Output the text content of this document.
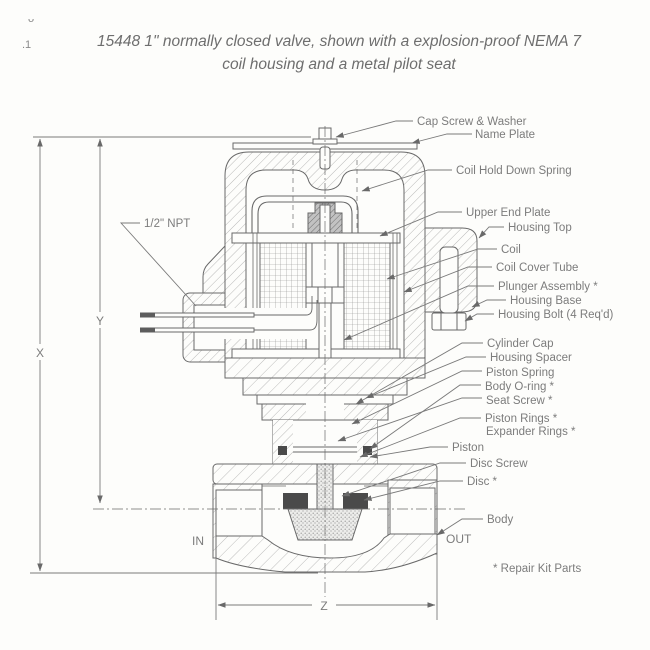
15448 1" normally closed valve, shown with a explosion-proof NEMA 7
coil housing and a metal pilot seat
ᴗ
.1
X
Y
Z
IN	OUT
Cap Screw & Washer
Name Plate
Coil Hold Down Spring
Upper End Plate
Housing Top
Coil
Coil Cover Tube
Plunger Assembly *
Housing Base
Housing Bolt (4 Req'd)
Cylinder Cap
Housing Spacer
Piston Spring
Body O-ring *
Seat Screw *
Piston Rings *
Expander Rings *
Piston
Disc Screw
Disc *
Body
1/2" NPT
* Repair Kit Parts
